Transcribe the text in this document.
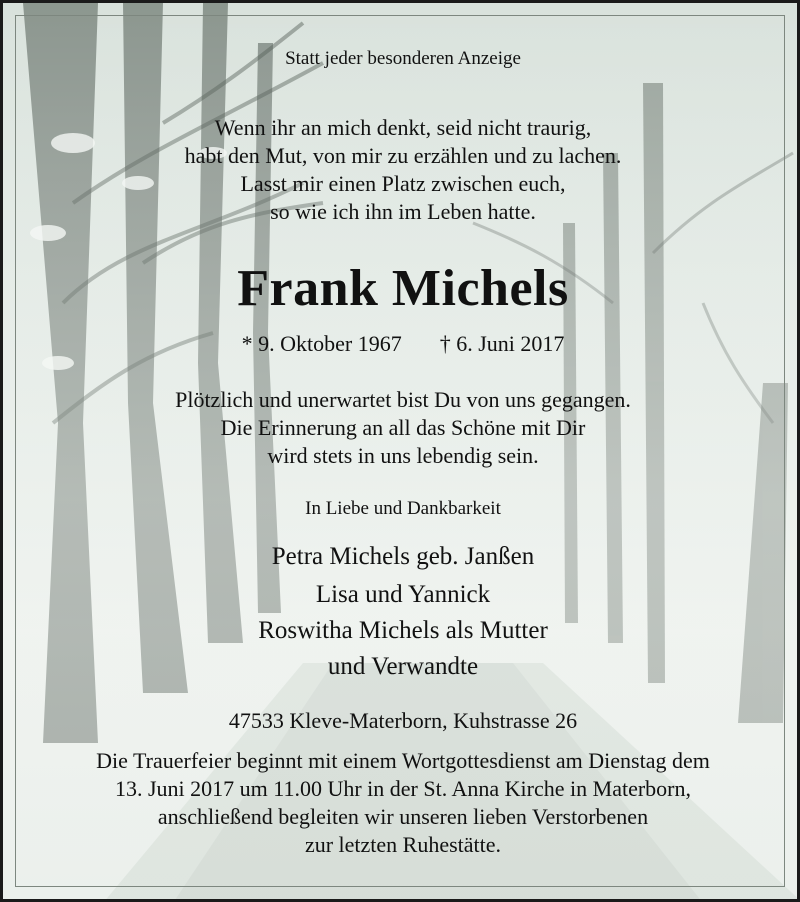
Statt jeder besonderen Anzeige
Wenn ihr an mich denkt, seid nicht traurig,
habt den Mut, von mir zu erzählen und zu lachen.
Lasst mir einen Platz zwischen euch,
so wie ich ihn im Leben hatte.
Frank Michels
* 9. Oktober 1967 † 6. Juni 2017
Plötzlich und unerwartet bist Du von uns gegangen.
Die Erinnerung an all das Schöne mit Dir
wird stets in uns lebendig sein.
In Liebe und Dankbarkeit
Petra Michels geb. Janßen
Lisa und Yannick
Roswitha Michels als Mutter
und Verwandte
47533 Kleve-Materborn, Kuhstrasse 26
Die Trauerfeier beginnt mit einem Wortgottesdienst am Dienstag dem
13. Juni 2017 um 11.00 Uhr in der St. Anna Kirche in Materborn,
anschließend begleiten wir unseren lieben Verstorbenen
zur letzten Ruhestätte.
